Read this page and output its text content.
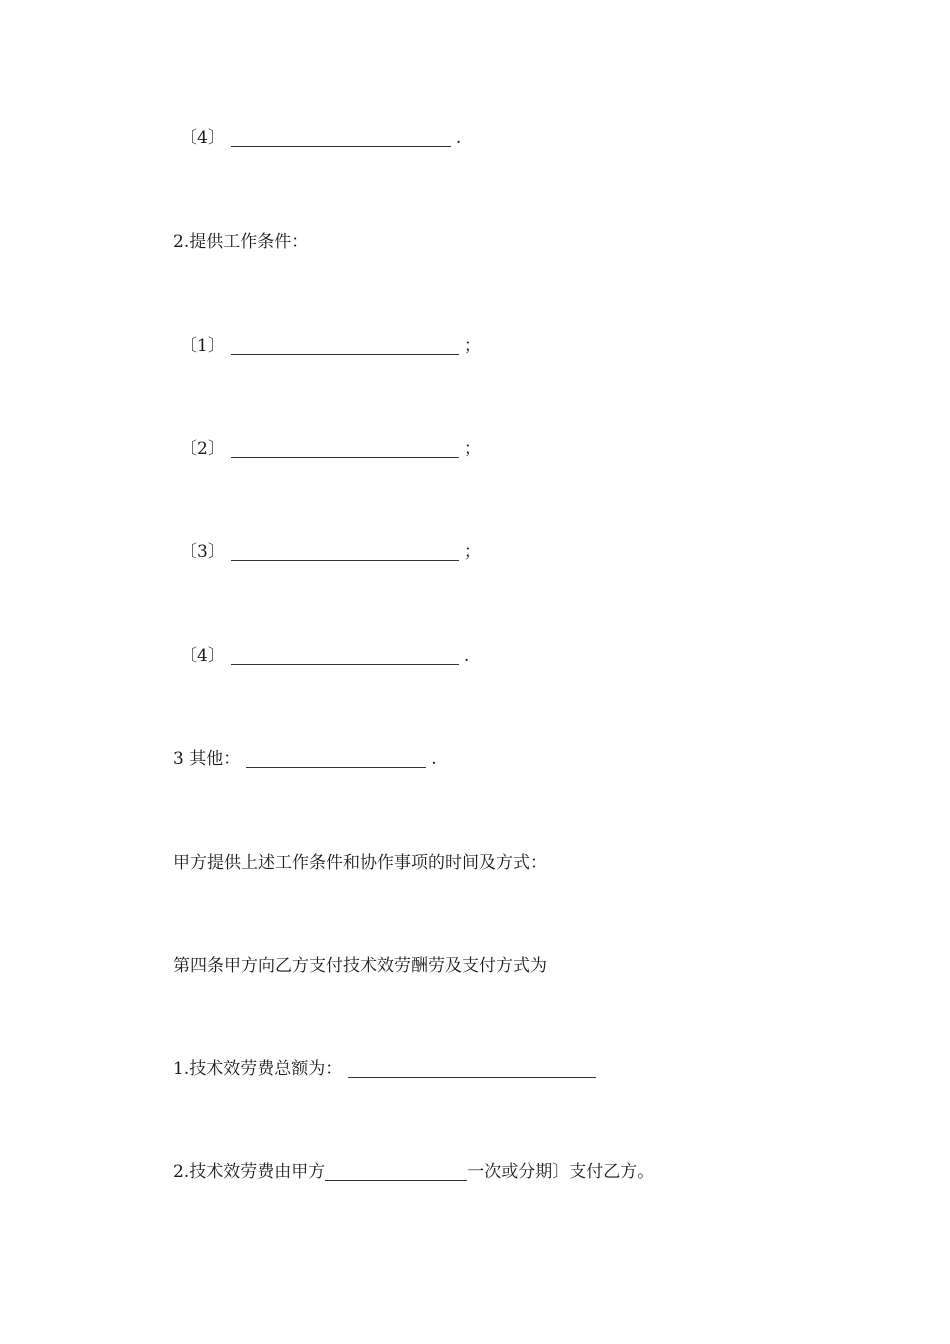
〔4〕	.
2.提供工作条件：
〔1〕	；
〔2〕	；
〔3〕	；
〔4〕	.
3 其他：	.
甲方提供上述工作条件和协作事项的时间及方式：
第四条甲方向乙方支付技术效劳酬劳及支付方式为
1.技术效劳费总额为：
2.技术效劳费由甲方	一次或分期〕支付乙方。
